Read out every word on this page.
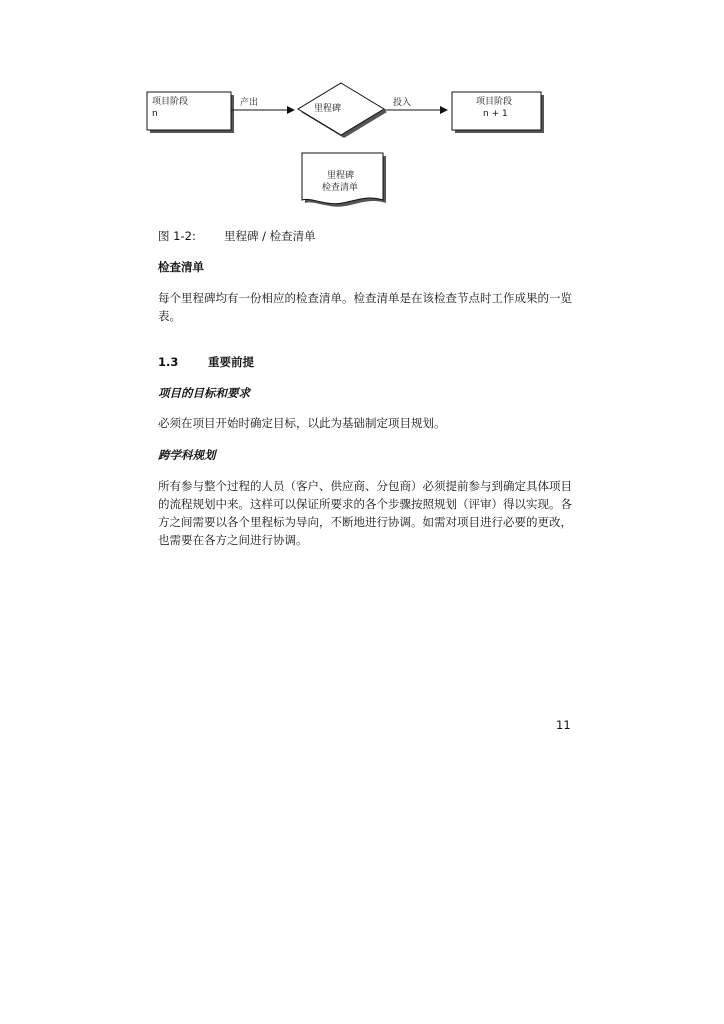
项目阶段
n
产出
里程碑
投入	项目阶段
n + 1
里程碑
检查清单
图 1-2: 里程碑 / 检查清单
检查清单
每个里程碑均有一份相应的检查清单。检查清单是在该检查节点时工作成果的一览表。
1.3	重要前提
项目的目标和要求
必须在项目开始时确定目标，以此为基础制定项目规划。
跨学科规划
所有参与整个过程的人员（客户、供应商、分包商）必须提前参与到确定具体项目的流程规划中来。这样可以保证所要求的各个步骤按照规划（评审）得以实现。各方之间需要以各个里程标为导向，不断地进行协调。如需对项目进行必要的更改，也需要在各方之间进行协调。
11
